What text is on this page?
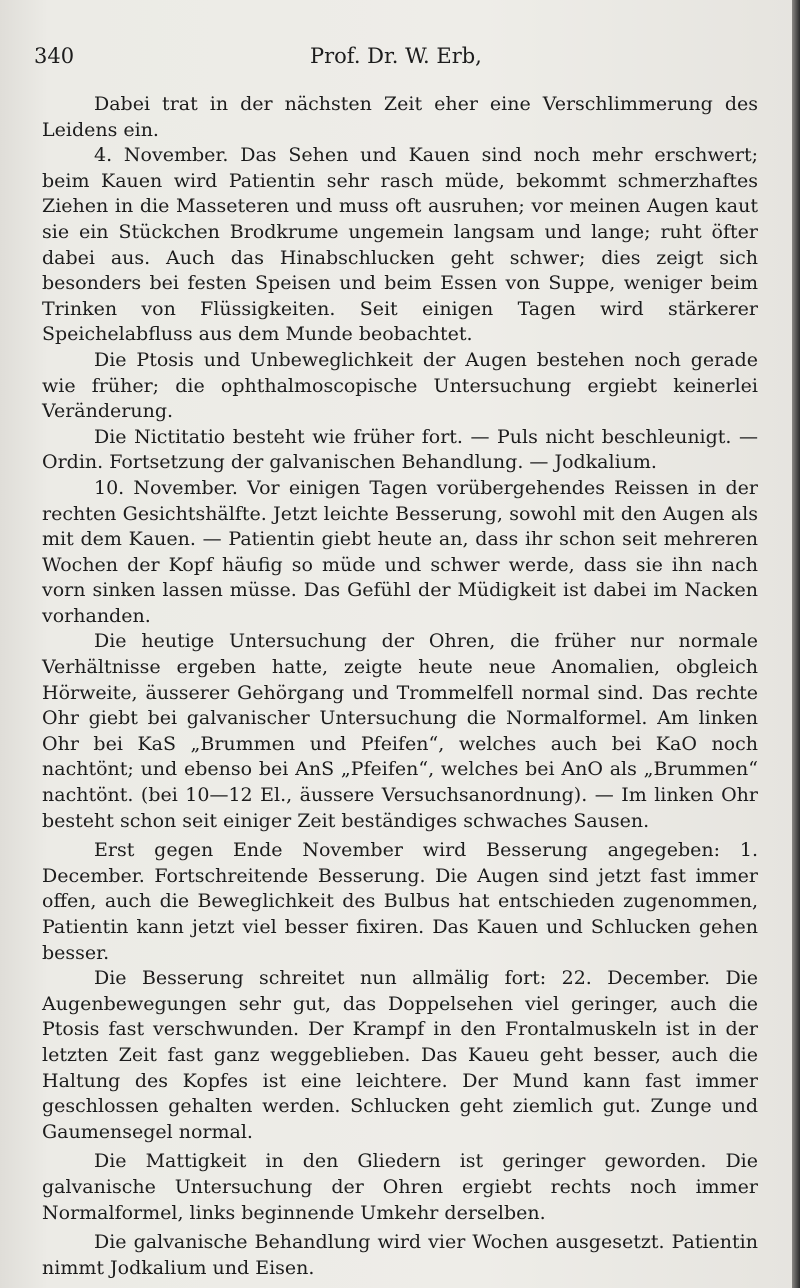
340	Prof. Dr. W. Erb,

Dabei trat in der nächsten Zeit eher eine Verschlimmerung des Leidens ein.

4. November. Das Sehen und Kauen sind noch mehr erschwert; beim Kauen wird Patientin sehr rasch müde, bekommt schmerzhaftes Ziehen in die Masseteren und muss oft ausruhen; vor meinen Augen kaut sie ein Stückchen Brodkrume ungemein langsam und lange; ruht öfter dabei aus. Auch das Hinabschlucken geht schwer; dies zeigt sich besonders bei festen Speisen und beim Essen von Suppe, weniger beim Trinken von Flüssigkeiten. Seit einigen Tagen wird stärkerer Speichelabfluss aus dem Munde beobachtet.

Die Ptosis und Unbeweglichkeit der Augen bestehen noch gerade wie früher; die ophthalmoscopische Untersuchung ergiebt keinerlei Veränderung.

Die Nictitatio besteht wie früher fort. — Puls nicht beschleunigt. — Ordin. Fortsetzung der galvanischen Behandlung. — Jodkalium.

10. November. Vor einigen Tagen vorübergehendes Reissen in der rechten Gesichtshälfte. Jetzt leichte Besserung, sowohl mit den Augen als mit dem Kauen. — Patientin giebt heute an, dass ihr schon seit mehreren Wochen der Kopf häufig so müde und schwer werde, dass sie ihn nach vorn sinken lassen müsse. Das Gefühl der Müdigkeit ist dabei im Nacken vorhanden.

Die heutige Untersuchung der Ohren, die früher nur normale Verhältnisse ergeben hatte, zeigte heute neue Anomalien, obgleich Hörweite, äusserer Gehörgang und Trommelfell normal sind. Das rechte Ohr giebt bei galvanischer Untersuchung die Normalformel. Am linken Ohr bei KaS „Brummen und Pfeifen“, welches auch bei KaO noch nachtönt; und ebenso bei AnS „Pfeifen“, welches bei AnO als „Brummen“ nachtönt. (bei 10—12 El., äussere Versuchsanordnung). — Im linken Ohr besteht schon seit einiger Zeit beständiges schwaches Sausen.

Erst gegen Ende November wird Besserung angegeben: 1. December. Fortschreitende Besserung. Die Augen sind jetzt fast immer offen, auch die Beweglichkeit des Bulbus hat entschieden zugenommen, Patientin kann jetzt viel besser fixiren. Das Kauen und Schlucken gehen besser.

Die Besserung schreitet nun allmälig fort: 22. December. Die Augenbewegungen sehr gut, das Doppelsehen viel geringer, auch die Ptosis fast verschwunden. Der Krampf in den Frontalmuskeln ist in der letzten Zeit fast ganz weggeblieben. Das Kaueu geht besser, auch die Haltung des Kopfes ist eine leichtere. Der Mund kann fast immer geschlossen gehalten werden. Schlucken geht ziemlich gut. Zunge und Gaumensegel normal.

Die Mattigkeit in den Gliedern ist geringer geworden. Die galvanische Untersuchung der Ohren ergiebt rechts noch immer Normalformel, links beginnende Umkehr derselben.

Die galvanische Behandlung wird vier Wochen ausgesetzt. Patientin nimmt Jodkalium und Eisen.
